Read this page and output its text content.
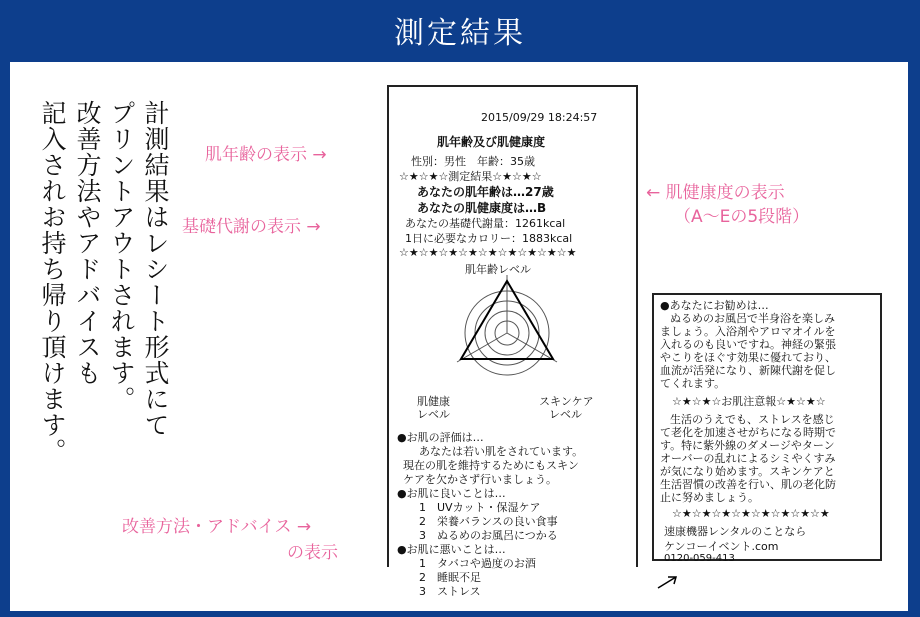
測定結果
計測結果はレシート形式にて
プリントアウトされます。
改善方法やアドバイスも
記入されお持ち帰り頂けます。	肌年齢の表示 →
基礎代謝の表示 →
← 肌健康度の表示
（A～Eの5段階）
改善方法・アドバイス →
の表示
2015/09/29 18:24:57
肌年齢及び肌健康度
性別：男性　年齢：35歳
☆★☆★☆測定結果☆★☆★☆
あなたの肌年齢は…27歳
あなたの肌健康度は…B
あなたの基礎代謝量：1261kcal
1日に必要なカロリー：1883kcal
☆★☆★☆★☆★☆★☆★☆★☆★☆★
肌年齢レベル
肌健康
レベル
スキンケア
レベル
●お肌の評価は…
あなたは若い肌をされています。
現在の肌を維持するためにもスキン
ケアを欠かさず行いましょう。
●お肌に良いことは…
1　UVカット・保湿ケア
2　栄養バランスの良い食事
3　ぬるめのお風呂につかる
●お肌に悪いことは…
1　タバコや過度のお酒
2　睡眠不足
3　ストレス
●あなたにお勧めは…
ぬるめのお風呂で半身浴を楽しみ
ましょう。入浴剤やアロマオイルを
入れるのも良いですね。神経の緊張
やこりをほぐす効果に優れており、
血流が活発になり、新陳代謝を促し
てくれます。
☆★☆★☆お肌注意報☆★☆★☆
生活のうえでも、ストレスを感じ
て老化を加速させがちになる時期で
す。特に紫外線のダメージやターン
オーバーの乱れによるシミやくすみ
が気になり始めます。スキンケアと
生活習慣の改善を行い、肌の老化防
止に努めましょう。
☆★☆★☆★☆★☆★☆★☆★☆★
速康機器レンタルのことなら
ケンコーイベント.com
0120-059-413
